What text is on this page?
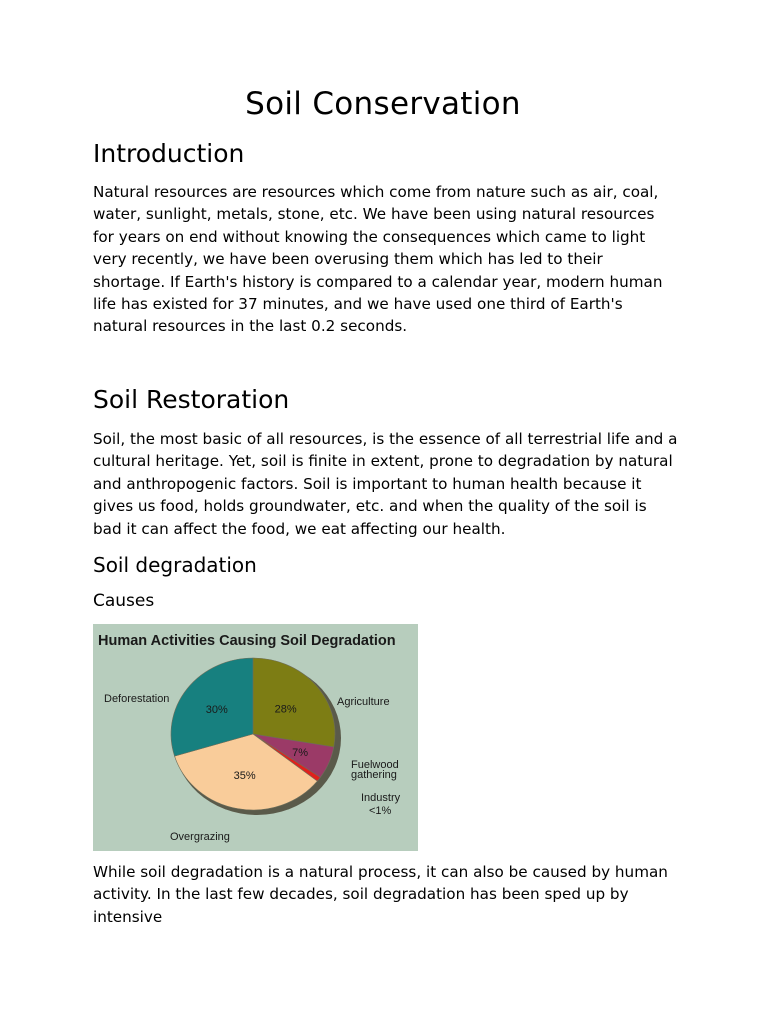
Soil Conservation
Introduction

Natural resources are resources which come from nature such as air, coal, water, sunlight, metals, stone, etc. We have been using natural resources for years on end without knowing the consequences which came to light very recently, we have been overusing them which has led to their shortage. If Earth's history is compared to a calendar year, modern human life has existed for 37 minutes, and we have used one third of Earth's natural resources in the last 0.2 seconds.

Soil Restoration

Soil, the most basic of all resources, is the essence of all terrestrial life and a cultural heritage. Yet, soil is finite in extent, prone to degradation by natural and anthropogenic factors. Soil is important to human health because it gives us food, holds groundwater, etc. and when the quality of the soil is bad it can affect the food, we eat affecting our health.

Soil degradation
Causes
Human Activities Causing Soil Degradation
28%
7%
35%
30%
Deforestation	Agriculture
Fuelwood
gathering
Industry
<1%
Overgrazing

While soil degradation is a natural process, it can also be caused by human activity. In the last few decades, soil degradation has been sped up by intensive
